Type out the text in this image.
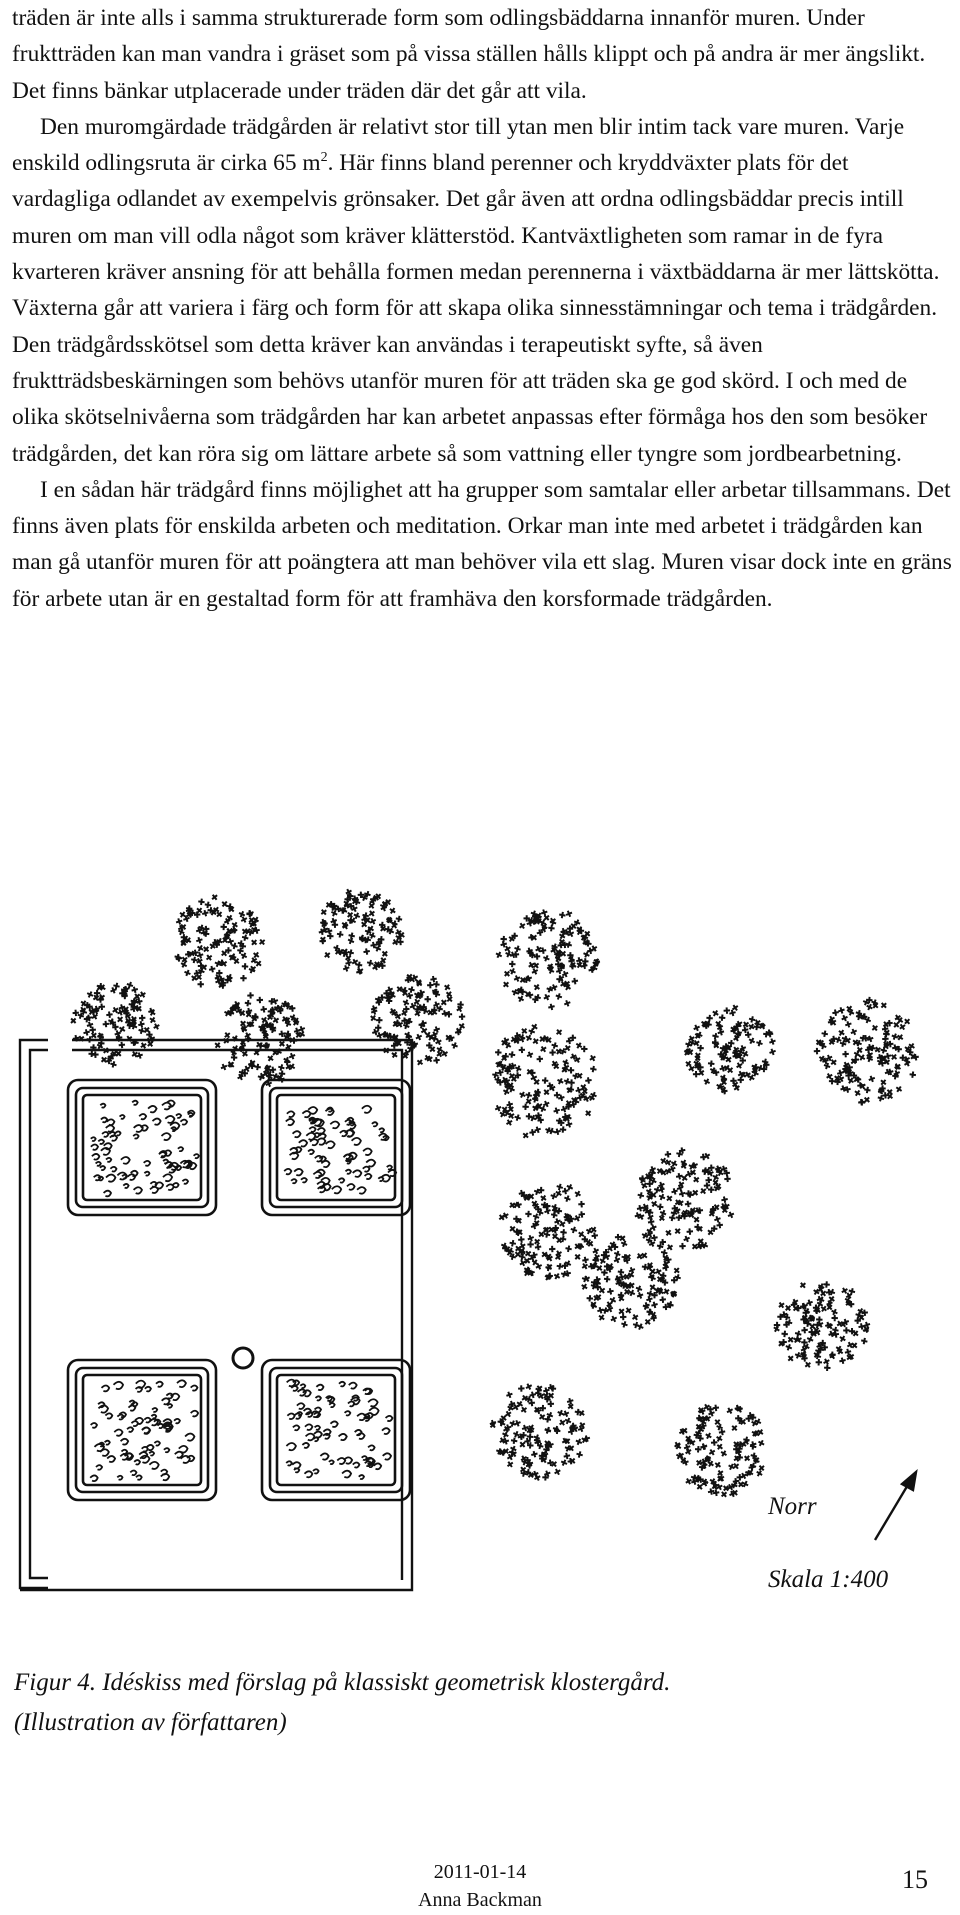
träden är inte alls i samma strukturerade form som odlingsbäddarna innanför muren. Under fruktträden kan man vandra i gräset som på vissa ställen hålls klippt och på andra är mer ängslikt. Det finns bänkar utplacerade under träden där det går att vila.

Den muromgärdade trädgården är relativt stor till ytan men blir intim tack vare muren. Varje enskild odlingsruta är cirka 65 $m^2$. Här finns bland perenner och kryddväxter plats för det vardagliga odlandet av exempelvis grönsaker. Det går även att ordna odlingsbäddar precis intill muren om man vill odla något som kräver klätterstöd. Kantväxtligheten som ramar in de fyra kvarteren kräver ansning för att behålla formen medan perennerna i växtbäddarna är mer lättskötta. Växterna går att variera i färg och form för att skapa olika sinnesstämningar och tema i trädgården. Den trädgårdsskötsel som detta kräver kan användas i terapeutiskt syfte, så även fruktträdsbeskärningen som behövs utanför muren för att träden ska ge god skörd. I och med de olika skötselnivåerna som trädgården har kan arbetet anpassas efter förmåga hos den som besöker trädgården, det kan röra sig om lättare arbete så som vattning eller tyngre som jordbearbetning.

I en sådan här trädgård finns möjlighet att ha grupper som samtalar eller arbetar tillsammans. Det finns även plats för enskilda arbeten och meditation. Orkar man inte med arbetet i trädgården kan man gå utanför muren för att poängtera att man behöver vila ett slag. Muren visar dock inte en gräns för arbete utan är en gestaltad form för att framhäva den korsformade trädgården.

Norr
Skala 1:400
Figur 4. Idéskiss med förslag på klassiskt geometrisk klostergård.
(Illustration av författaren)
2011-01-14
Anna Backman
15
